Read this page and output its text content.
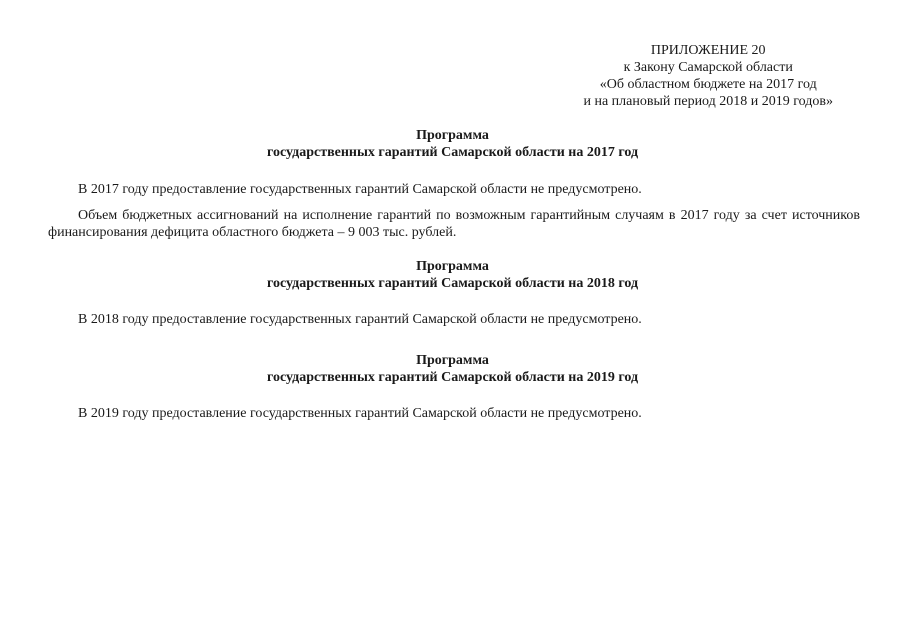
ПРИЛОЖЕНИЕ 20
к Закону Самарской области
«Об областном бюджете на 2017 год
и на плановый период 2018 и 2019 годов»
Программа
государственных гарантий Самарской области на 2017 год
В 2017 году предоставление государственных гарантий Самарской области не предусмотрено.
Объем бюджетных ассигнований на исполнение гарантий по возможным гарантийным случаям в 2017 году за счет источников финансирования дефицита областного бюджета – 9 003 тыс. рублей.
Программа
государственных гарантий Самарской области на 2018 год
В 2018 году предоставление государственных гарантий Самарской области не предусмотрено.
Программа
государственных гарантий Самарской области на 2019 год
В 2019 году предоставление государственных гарантий Самарской области не предусмотрено.
